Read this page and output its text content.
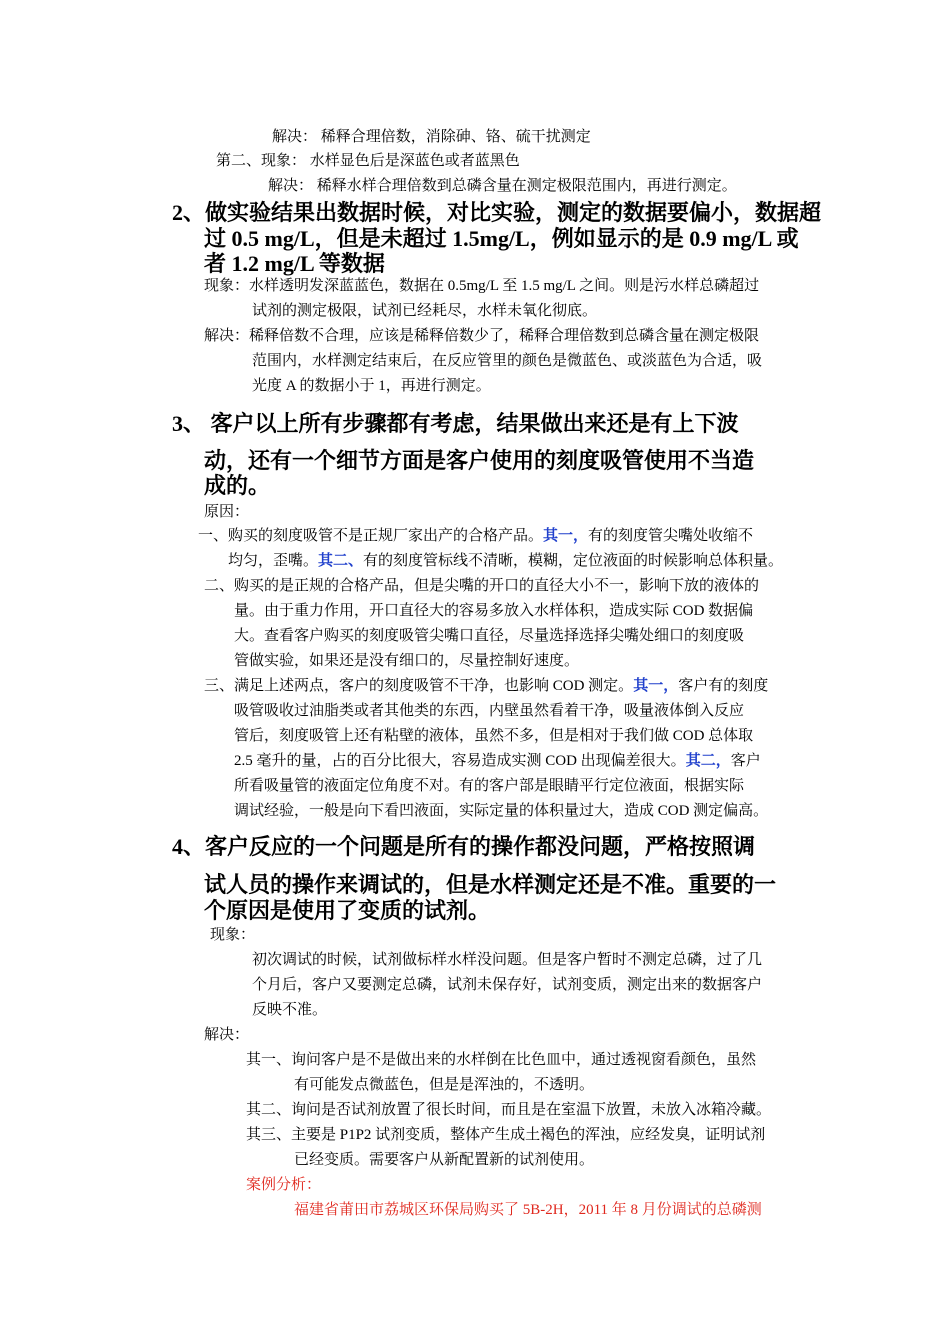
解决： 稀释合理倍数，消除砷、铬、硫干扰测定
第二、现象： 水样显色后是深蓝色或者蓝黑色
解决： 稀释水样合理倍数到总磷含量在测定极限范围内，再进行测定。
2、做实验结果出数据时候，对比实验，测定的数据要偏小，数据超
过 0.5 mg/L，但是未超过 1.5mg/L，例如显示的是 0.9 mg/L 或
者 1.2 mg/L 等数据
现象：水样透明发深蓝蓝色，数据在 0.5mg/L 至 1.5 mg/L 之间。则是污水样总磷超过
试剂的测定极限，试剂已经耗尽，水样未氧化彻底。
解决：稀释倍数不合理，应该是稀释倍数少了，稀释合理倍数到总磷含量在测定极限
范围内，水样测定结束后，在反应管里的颜色是微蓝色、或淡蓝色为合适，吸
光度 A 的数据小于 1，再进行测定。
3、 客户以上所有步骤都有考虑，结果做出来还是有上下波
动，还有一个细节方面是客户使用的刻度吸管使用不当造
成的。
原因：
一、购买的刻度吸管不是正规厂家出产的合格产品。其一，有的刻度管尖嘴处收缩不
均匀，歪嘴。其二、有的刻度管标线不清晰，模糊，定位液面的时候影响总体积量。
二、购买的是正规的合格产品，但是尖嘴的开口的直径大小不一，影响下放的液体的
量。由于重力作用，开口直径大的容易多放入水样体积，造成实际 COD 数据偏
大。查看客户购买的刻度吸管尖嘴口直径，尽量选择选择尖嘴处细口的刻度吸
管做实验，如果还是没有细口的，尽量控制好速度。
三、满足上述两点，客户的刻度吸管不干净，也影响 COD 测定。其一，客户有的刻度
吸管吸收过油脂类或者其他类的东西，内壁虽然看着干净，吸量液体倒入反应
管后，刻度吸管上还有粘壁的液体，虽然不多，但是相对于我们做 COD 总体取
2.5 毫升的量，占的百分比很大，容易造成实测 COD 出现偏差很大。其二，客户
所看吸量管的液面定位角度不对。有的客户部是眼睛平行定位液面，根据实际
调试经验，一般是向下看凹液面，实际定量的体积量过大，造成 COD 测定偏高。
4、客户反应的一个问题是所有的操作都没问题，严格按照调
试人员的操作来调试的，但是水样测定还是不准。重要的一
个原因是使用了变质的试剂。
现象：
初次调试的时候，试剂做标样水样没问题。但是客户暂时不测定总磷，过了几
个月后，客户又要测定总磷，试剂未保存好，试剂变质，测定出来的数据客户
反映不准。
解决：
其一、询问客户是不是做出来的水样倒在比色皿中，通过透视窗看颜色，虽然
有可能发点微蓝色，但是是浑浊的，不透明。
其二、询问是否试剂放置了很长时间，而且是在室温下放置，未放入冰箱冷藏。
其三、主要是 P1P2 试剂变质，整体产生成土褐色的浑浊，应经发臭，证明试剂
已经变质。需要客户从新配置新的试剂使用。
案例分析：
福建省莆田市荔城区环保局购买了 5B-2H，2011 年 8 月份调试的总磷测
